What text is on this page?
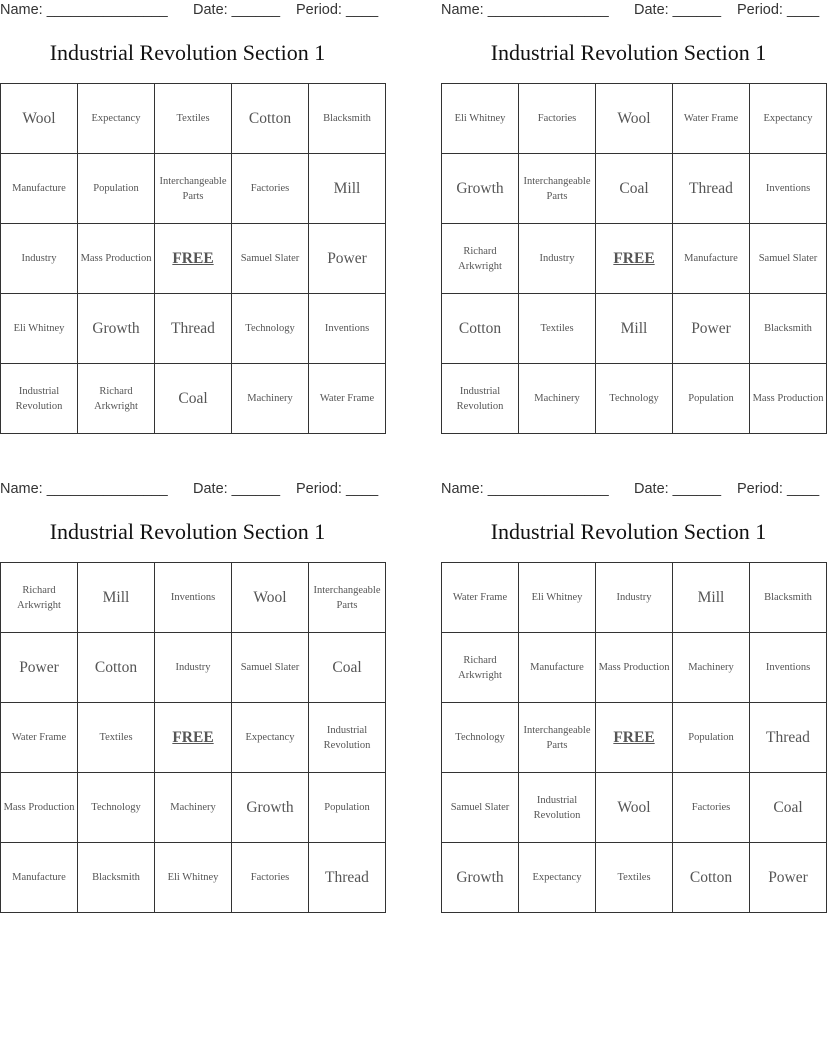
Name: _______________ Date: ______ Period: ____
Industrial Revolution Section 1
Wool	Expectancy	Textiles	Cotton	Blacksmith
Manufacture	Population	Interchangeable Parts	Factories	Mill
Industry	Mass Production	FREE	Samuel Slater	Power
Eli Whitney	Growth	Thread	Technology	Inventions
Industrial Revolution	Richard Arkwright	Coal	Machinery	Water Frame
Name: _______________ Date: ______ Period: ____
Industrial Revolution Section 1
Eli Whitney	Factories	Wool	Water Frame	Expectancy
Growth	Interchangeable Parts	Coal	Thread	Inventions
Richard Arkwright	Industry	FREE	Manufacture	Samuel Slater
Cotton	Textiles	Mill	Power	Blacksmith
Industrial Revolution	Machinery	Technology	Population	Mass Production
Name: _______________ Date: ______ Period: ____
Industrial Revolution Section 1
Richard Arkwright	Mill	Inventions	Wool	Interchangeable Parts
Power	Cotton	Industry	Samuel Slater	Coal
Water Frame	Textiles	FREE	Expectancy	Industrial Revolution
Mass Production	Technology	Machinery	Growth	Population
Manufacture	Blacksmith	Eli Whitney	Factories	Thread
Name: _______________ Date: ______ Period: ____
Industrial Revolution Section 1
Water Frame	Eli Whitney	Industry	Mill	Blacksmith
Richard Arkwright	Manufacture	Mass Production	Machinery	Inventions
Technology	Interchangeable Parts	FREE	Population	Thread
Samuel Slater	Industrial Revolution	Wool	Factories	Coal
Growth	Expectancy	Textiles	Cotton	Power
